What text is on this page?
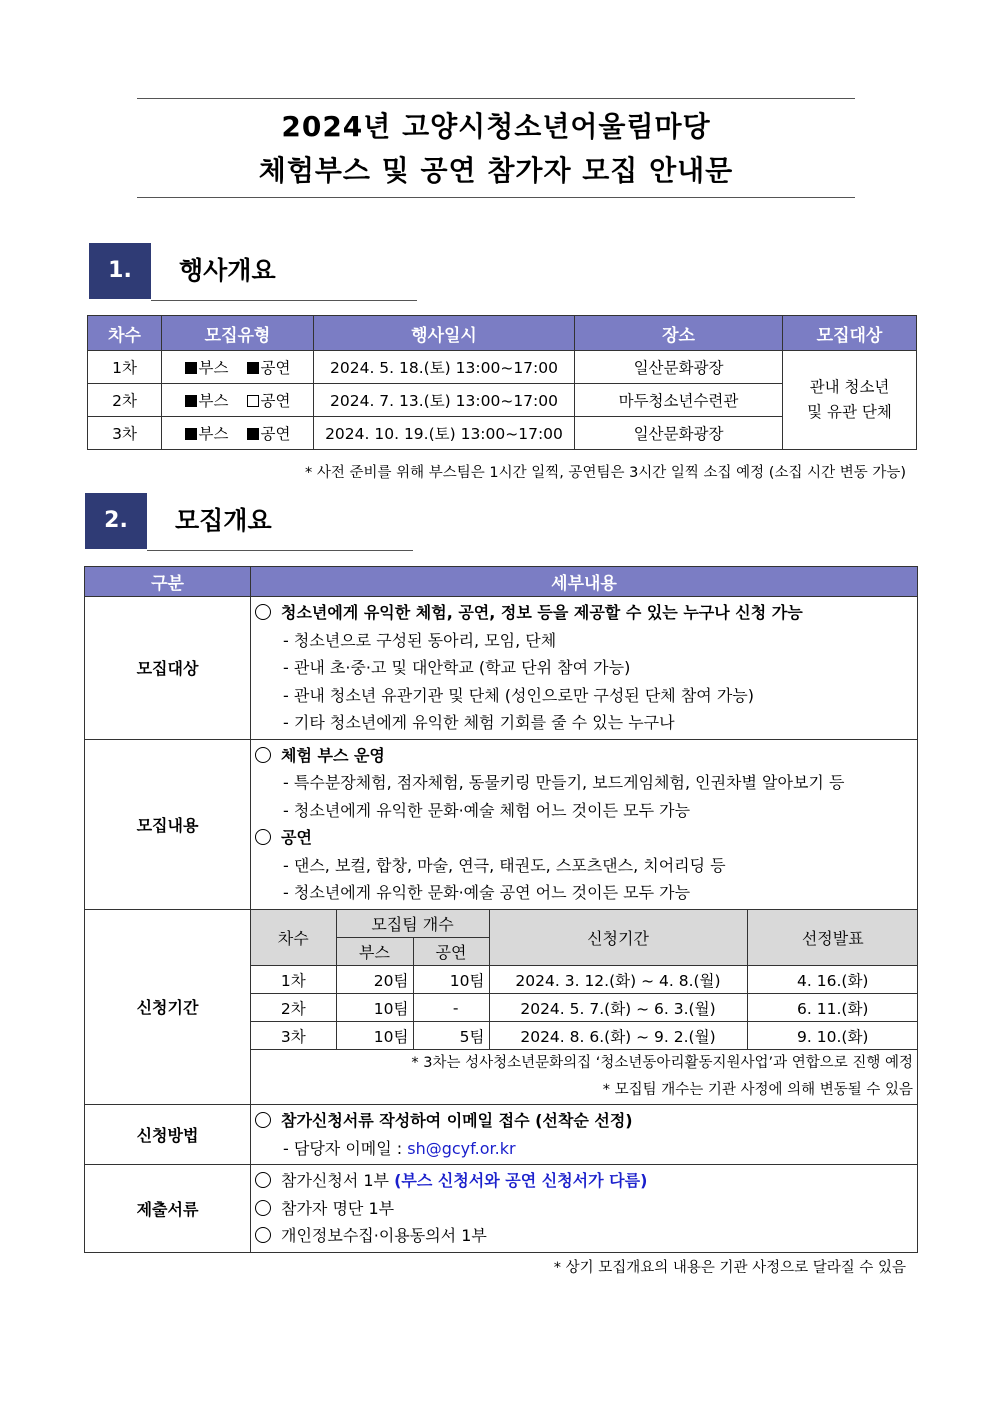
2024년 고양시청소년어울림마당
체험부스 및 공연 참가자 모집 안내문
1.	행사개요
차수	모집유형	행사일시	장소	모집대상
1차	부스 공연	2024. 5. 18.(토) 13:00~17:00	일산문화광장	관내 청소년
및 유관 단체

2차	부스 공연	2024. 7. 13.(토) 13:00~17:00	마두청소년수련관	
3차	부스 공연	2024. 10. 19.(토) 13:00~17:00	일산문화광장	
* 사전 준비를 위해 부스팀은 1시간 일찍, 공연팀은 3시간 일찍 소집 예정 (소집 시간 변동 가능)
2.	모집개요
구분	세부내용
모집대상	
청소년에게 유익한 체험, 공연, 정보 등을 제공할 수 있는 누구나 신청 가능
- 청소년으로 구성된 동아리, 모임, 단체
- 관내 초·중·고 및 대안학교 (학교 단위 참여 가능)
- 관내 청소년 유관기관 및 단체 (성인으로만 구성된 단체 참여 가능)
- 기타 청소년에게 유익한 체험 기회를 줄 수 있는 누구나

모집내용	
체험 부스 운영
- 특수분장체험, 점자체험, 동물키링 만들기, 보드게임체험, 인권차별 알아보기 등
- 청소년에게 유익한 문화·예술 체험 어느 것이든 모두 가능
공연
- 댄스, 보컬, 합창, 마술, 연극, 태권도, 스포츠댄스, 치어리딩 등
- 청소년에게 유익한 문화·예술 공연 어느 것이든 모두 가능

신청기간	
차수	모집팀 개수	신청기간	선정발표
부스	공연
1차	20팀	10팀	2024. 3. 12.(화) ~ 4. 8.(월)	4. 16.(화)
2차	10팀	-	2024. 5. 7.(화) ~ 6. 3.(월)	6. 11.(화)
3차	10팀	5팀	2024. 8. 6.(화) ~ 9. 2.(월)	9. 10.(화)
* 3차는 성사청소년문화의집 ‘청소년동아리활동지원사업’과 연합으로 진행 예정
* 모집팀 개수는 기관 사정에 의해 변동될 수 있음

신청방법	
참가신청서류 작성하여 이메일 접수 (선착순 선정)
- 담당자 이메일 : sh@gcyf.or.kr

제출서류	
참가신청서 1부 (부스 신청서와 공연 신청서가 다름)
참가자 명단 1부
개인정보수집·이용동의서 1부
* 상기 모집개요의 내용은 기관 사정으로 달라질 수 있음
